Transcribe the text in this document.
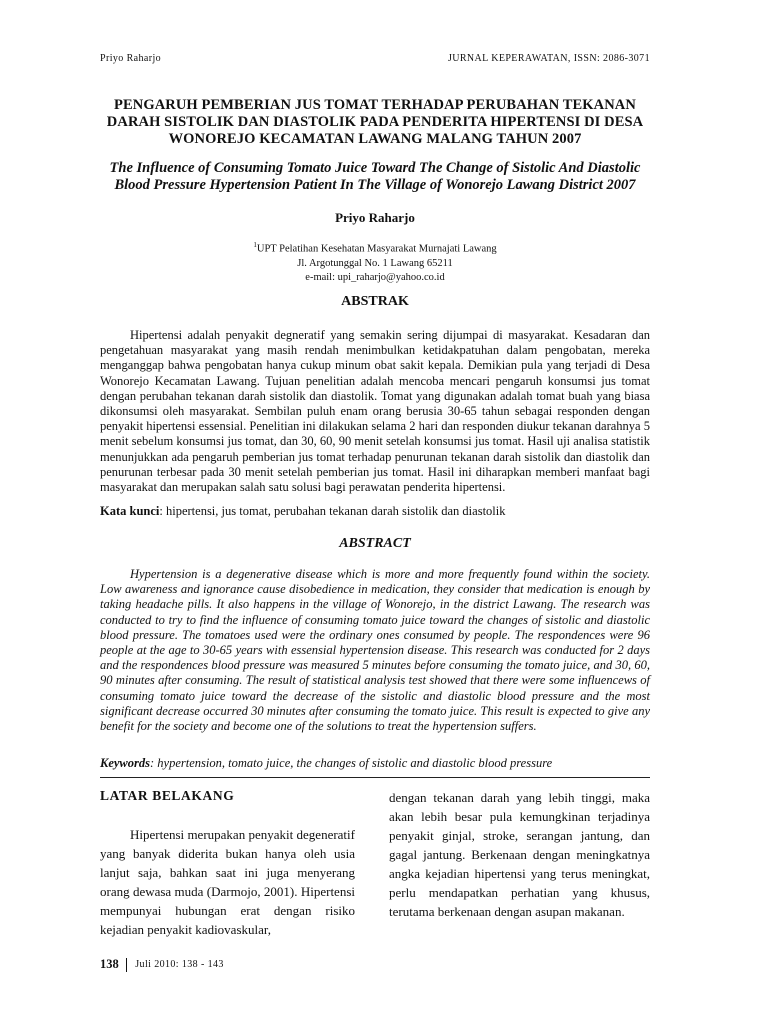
Priyo Raharjo	JURNAL KEPERAWATAN, ISSN: 2086-3071
PENGARUH PEMBERIAN JUS TOMAT TERHADAP PERUBAHAN TEKANAN DARAH SISTOLIK DAN DIASTOLIK PADA PENDERITA HIPERTENSI DI DESA WONOREJO KECAMATAN LAWANG MALANG TAHUN 2007
The Influence of Consuming Tomato Juice Toward The Change of Sistolic And Diastolic Blood Pressure Hypertension Patient In The Village of Wonorejo Lawang District 2007
Priyo Raharjo
$^1$UPT Pelatihan Kesehatan Masyarakat Murnajati Lawang
Jl. Argotunggal No. 1 Lawang 65211
e-mail: upi_raharjo@yahoo.co.id
ABSTRAK

Hipertensi adalah penyakit degneratif yang semakin sering dijumpai di masyarakat. Kesadaran dan pengetahuan masyarakat yang masih rendah menimbulkan ketidakpatuhan dalam pengobatan, mereka menganggap bahwa pengobatan hanya cukup minum obat sakit kepala. Demikian pula yang terjadi di Desa Wonorejo Kecamatan Lawang. Tujuan penelitian adalah mencoba mencari pengaruh konsumsi jus tomat dengan perubahan tekanan darah sistolik dan diastolik. Tomat yang digunakan adalah tomat buah yang biasa dikonsumsi oleh masyarakat. Sembilan puluh enam orang berusia 30-65 tahun sebagai responden dengan penyakit hipertensi essensial. Penelitian ini dilakukan selama 2 hari dan responden diukur tekanan darahnya 5 menit sebelum konsumsi jus tomat, dan 30, 60, 90 menit setelah konsumsi jus tomat. Hasil uji analisa statistik menunjukkan ada pengaruh pemberian jus tomat terhadap penurunan tekanan darah sistolik dan diastolik dan penurunan terbesar pada 30 menit setelah pemberian jus tomat. Hasil ini diharapkan memberi manfaat bagi masyarakat dan merupakan salah satu solusi bagi perawatan penderita hipertensi.

Kata kunci: hipertensi, jus tomat, perubahan tekanan darah sistolik dan diastolik

ABSTRACT

Hypertension is a degenerative disease which is more and more frequently found within the society. Low awareness and ignorance cause disobedience in medication, they consider that medication is enough by taking headache pills. It also happens in the village of Wonorejo, in the district Lawang. The research was conducted to try to find the influence of consuming tomato juice toward the changes of sistolic and diastolic blood pressure. The tomatoes used were the ordinary ones consumed by people. The respondences were 96 people at the age to 30-65 years with essensial hypertension disease. This research was conducted for 2 days and the respondences blood pressure was measured 5 minutes before consuming the tomato juice, and 30, 60, 90 minutes after consuming. The result of statistical analysis test showed that there were some influencews of consuming tomato juice toward the decrease of the sistolic and diastolic blood pressure and the most significant decrease occurred 30 minutes after consuming the tomato juice. This result is expected to give any benefit for the society and become one of the solutions to treat the hypertension suffers.

Keywords: hypertension, tomato juice, the changes of sistolic and diastolic blood pressure

LATAR BELAKANG

Hipertensi merupakan penyakit degeneratif yang banyak diderita bukan hanya oleh usia lanjut saja, bahkan saat ini juga menyerang orang dewasa muda (Darmojo, 2001). Hipertensi mempunyai hubungan erat dengan risiko kejadian penyakit kadiovaskular,

dengan tekanan darah yang lebih tinggi, maka akan lebih besar pula kemungkinan terjadinya penyakit ginjal, stroke, serangan jantung, dan gagal jantung. Berkenaan dengan meningkatnya angka kejadian hipertensi yang terus meningkat, perlu mendapatkan perhatian yang khusus, terutama berkenaan dengan asupan makanan.

138 Juli 2010: 138 - 143
